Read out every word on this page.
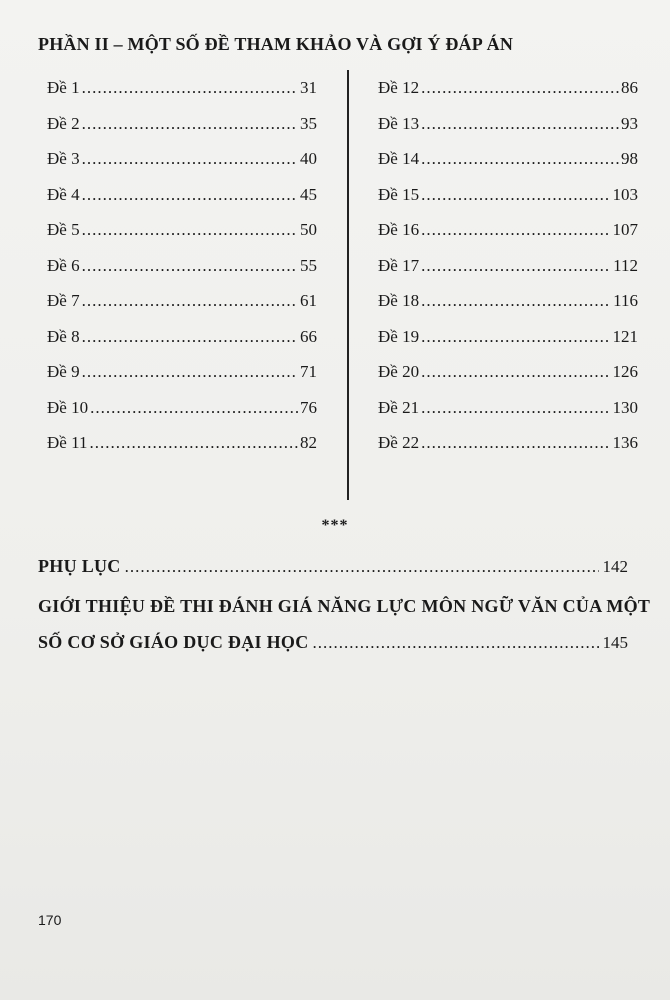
PHẦN II – MỘT SỐ ĐỀ THAM KHẢO VÀ GỢI Ý ĐÁP ÁN
Đề 1 .....	31
Đề 2 .....	35
Đề 3 .....	40
Đề 4 .....	45
Đề 5 .....	50
Đề 6 .....	55
Đề 7 .....	61
Đề 8 .....	66
Đề 9 .....	71
Đề 10 .....	76
Đề 11 .....	82
Đề 12 .....	86
Đề 13 .....	93
Đề 14 .....	98
Đề 15 .....	103
Đề 16 .....	107
Đề 17 .....	112
Đề 18 .....	116
Đề 19 .....	121
Đề 20 .....	126
Đề 21 .....	130
Đề 22 .....	136
***
PHỤ LỤC .....	142
GIỚI THIỆU ĐỀ THI ĐÁNH GIÁ NĂNG LỰC MÔN NGỮ VĂN CỦA MỘT
SỐ CƠ SỞ GIÁO DỤC ĐẠI HỌC .....	145
170
